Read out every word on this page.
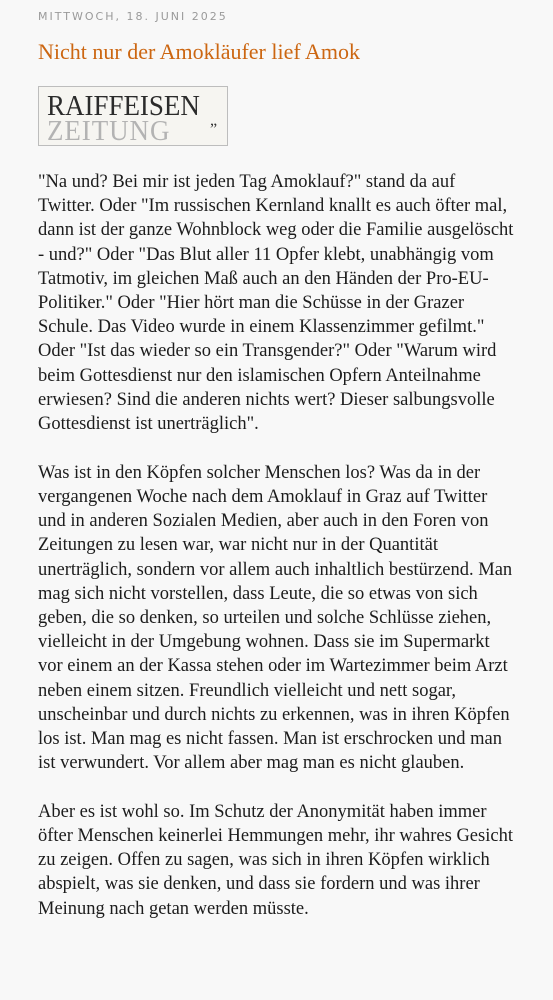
MITTWOCH, 18. JUNI 2025
Nicht nur der Amokläufer lief Amok
RAIFFEISEN
ZEITUNG ”

"Na und? Bei mir ist jeden Tag Amoklauf?" stand da auf Twitter. Oder "Im russischen Kernland knallt es auch öfter mal, dann ist der ganze Wohnblock weg oder die Familie ausgelöscht - und?" Oder "Das Blut aller 11 Opfer klebt, unabhängig vom Tatmotiv, im gleichen Maß auch an den Händen der Pro-EU-Politiker." Oder "Hier hört man die Schüsse in der Grazer Schule. Das Video wurde in einem Klassenzimmer gefilmt." Oder "Ist das wieder so ein Transgender?" Oder "Warum wird beim Gottesdienst nur den islamischen Opfern Anteilnahme erwiesen? Sind die anderen nichts wert? Dieser salbungsvolle Gottesdienst ist unerträglich".

Was ist in den Köpfen solcher Menschen los? Was da in der vergangenen Woche nach dem Amoklauf in Graz auf Twitter und in anderen Sozialen Medien, aber auch in den Foren von Zeitungen zu lesen war, war nicht nur in der Quantität unerträglich, sondern vor allem auch inhaltlich bestürzend. Man mag sich nicht vorstellen, dass Leute, die so etwas von sich geben, die so denken, so urteilen und solche Schlüsse ziehen, vielleicht in der Umgebung wohnen. Dass sie im Supermarkt vor einem an der Kassa stehen oder im Wartezimmer beim Arzt neben einem sitzen. Freundlich vielleicht und nett sogar, unscheinbar und durch nichts zu erkennen, was in ihren Köpfen los ist. Man mag es nicht fassen. Man ist erschrocken und man ist verwundert. Vor allem aber mag man es nicht glauben.

Aber es ist wohl so. Im Schutz der Anonymität haben immer öfter Menschen keinerlei Hemmungen mehr, ihr wahres Gesicht zu zeigen. Offen zu sagen, was sich in ihren Köpfen wirklich abspielt, was sie denken, und dass sie fordern und was ihrer Meinung nach getan werden müsste.
